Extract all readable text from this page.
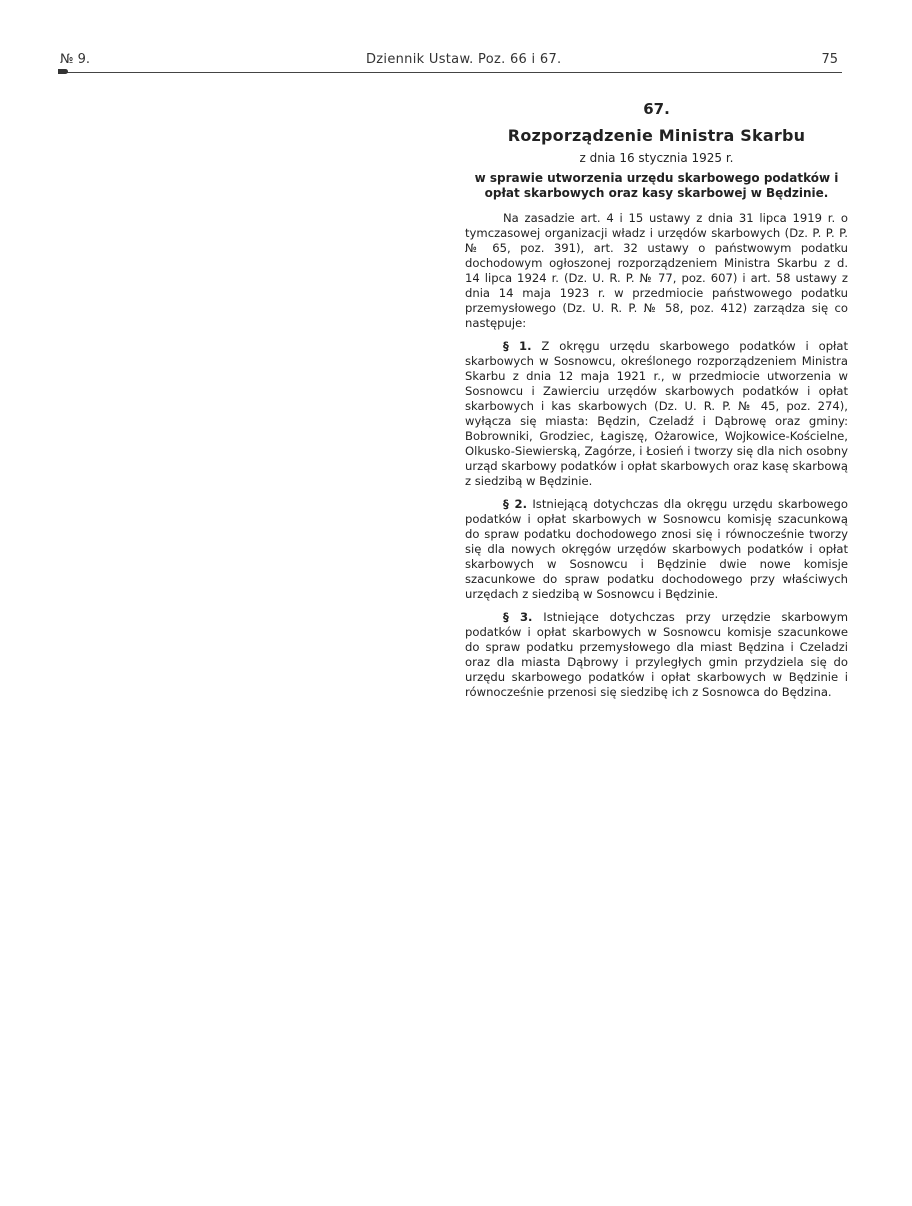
№ 9.	Dziennik Ustaw. Poz. 66 i 67.	75
67.
Rozporządzenie Ministra Skarbu
z dnia 16 stycznia 1925 r.
w sprawie utworzenia urzędu skarbowego podatków i opłat skarbowych oraz kasy skarbowej w Będzinie.

Na zasadzie art. 4 i 15 ustawy z dnia 31 lipca 1919 r. o tymczasowej organizacji władz i urzędów skarbowych (Dz. P. P. P. № 65, poz. 391), art. 32 ustawy o państwowym podatku dochodowym ogłoszonej rozporządzeniem Ministra Skarbu z d. 14 lipca 1924 r. (Dz. U. R. P. № 77, poz. 607) i art. 58 ustawy z dnia 14 maja 1923 r. w przedmiocie państwowego podatku przemysłowego (Dz. U. R. P. № 58, poz. 412) zarządza się co następuje:

§ 1. Z okręgu urzędu skarbowego podatków i opłat skarbowych w Sosnowcu, określonego rozporządzeniem Ministra Skarbu z dnia 12 maja 1921 r., w przedmiocie utworzenia w Sosnowcu i Zawierciu urzędów skarbowych podatków i opłat skarbowych i kas skarbowych (Dz. U. R. P. № 45, poz. 274), wyłącza się miasta: Będzin, Czeladź i Dąbrowę oraz gminy: Bobrowniki, Grodziec, Łagiszę, Ożarowice, Wojkowice-Kościelne, Olkusko-Siewierską, Zagórze, i Łosień i tworzy się dla nich osobny urząd skarbowy podatków i opłat skarbowych oraz kasę skarbową z siedzibą w Będzinie.

§ 2. Istniejącą dotychczas dla okręgu urzędu skarbowego podatków i opłat skarbowych w Sosnowcu komisję szacunkową do spraw podatku dochodowego znosi się i równocześnie tworzy się dla nowych okręgów urzędów skarbowych podatków i opłat skarbowych w Sosnowcu i Będzinie dwie nowe komisje szacunkowe do spraw podatku dochodowego przy właściwych urzędach z siedzibą w Sosnowcu i Będzinie.

§ 3. Istniejące dotychczas przy urzędzie skarbowym podatków i opłat skarbowych w Sosnowcu komisje szacunkowe do spraw podatku przemysłowego dla miast Będzina i Czeladzi oraz dla miasta Dąbrowy i przyległych gmin przydziela się do urzędu skarbowego podatków i opłat skarbowych w Będzinie i równocześnie przenosi się siedzibę ich z Sosnowca do Będzina.
